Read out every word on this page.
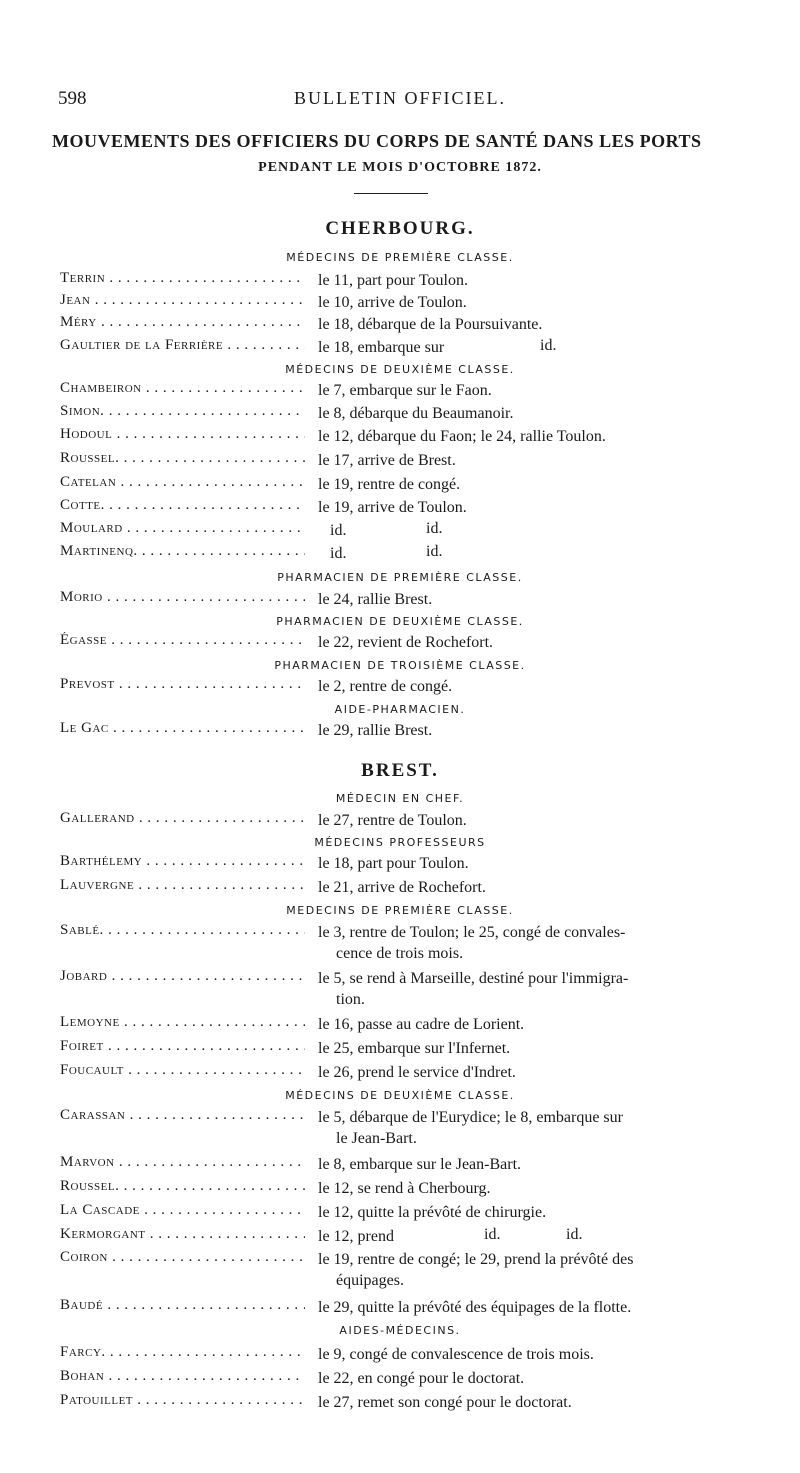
598	BULLETIN OFFICIEL.
MOUVEMENTS DES OFFICIERS DU CORPS DE SANTÉ DANS LES PORTS
PENDANT LE MOIS D'OCTOBRE 1872.
CHERBOURG.
MÉDECINS DE PREMIÈRE CLASSE.
Terrin . . .	le 11, part pour Toulon.
Jean . . .	le 10, arrive de Toulon.
Méry . . .	le 18, débarque de la Poursuivante.
Gaultier de la Ferrière . . .	le 18, embarque sur	id.
MÉDECINS DE DEUXIÈME CLASSE.
Chambeiron . . .	le 7, embarque sur le Faon.
Simon. . . .	le 8, débarque du Beaumanoir.
Hodoul . . .	le 12, débarque du Faon; le 24, rallie Toulon.
Roussel. . . .	le 17, arrive de Brest.
Catelan . . .	le 19, rentre de congé.
Cotte. . . .	le 19, arrive de Toulon.
Moulard . . .	id.	id.
Martinenq. . . .	id.	id.
PHARMACIEN DE PREMIÈRE CLASSE.
Morio . . .	le 24, rallie Brest.
PHARMACIEN DE DEUXIÈME CLASSE.
Égasse . . .	le 22, revient de Rochefort.
PHARMACIEN DE TROISIÈME CLASSE.
Prevost . . .	le 2, rentre de congé.
AIDE-PHARMACIEN.
Le Gac . . .	le 29, rallie Brest.
BREST.
MÉDECIN EN CHEF.
Gallerand . . .	le 27, rentre de Toulon.
MÉDECINS PROFESSEURS
Barthélemy . . .	le 18, part pour Toulon.
Lauvergne . . .	le 21, arrive de Rochefort.
MEDECINS DE PREMIÈRE CLASSE.
Sablé. . . .	le 3, rentre de Toulon; le 25, congé de convales-
cence de trois mois.
Jobard . . .	le 5, se rend à Marseille, destiné pour l'immigra-
tion.
Lemoyne . . .	le 16, passe au cadre de Lorient.
Foiret . . .	le 25, embarque sur l'Infernet.
Foucault . . .	le 26, prend le service d'Indret.
MÉDECINS DE DEUXIÈME CLASSE.
Carassan . . .	le 5, débarque de l'Eurydice; le 8, embarque sur
le Jean-Bart.
Marvon . . .	le 8, embarque sur le Jean-Bart.
Roussel. . . .	le 12, se rend à Cherbourg.
La Cascade . . .	le 12, quitte la prévôté de chirurgie.
Kermorgant . . .	le 12, prend	id.	id.
Coiron . . .	le 19, rentre de congé; le 29, prend la prévôté des
équipages.
Baudé . . .	le 29, quitte la prévôté des équipages de la flotte.
AIDES-MÉDECINS.
Farcy. . . .	le 9, congé de convalescence de trois mois.
Bohan . . .	le 22, en congé pour le doctorat.
Patouillet . . .	le 27, remet son congé pour le doctorat.
